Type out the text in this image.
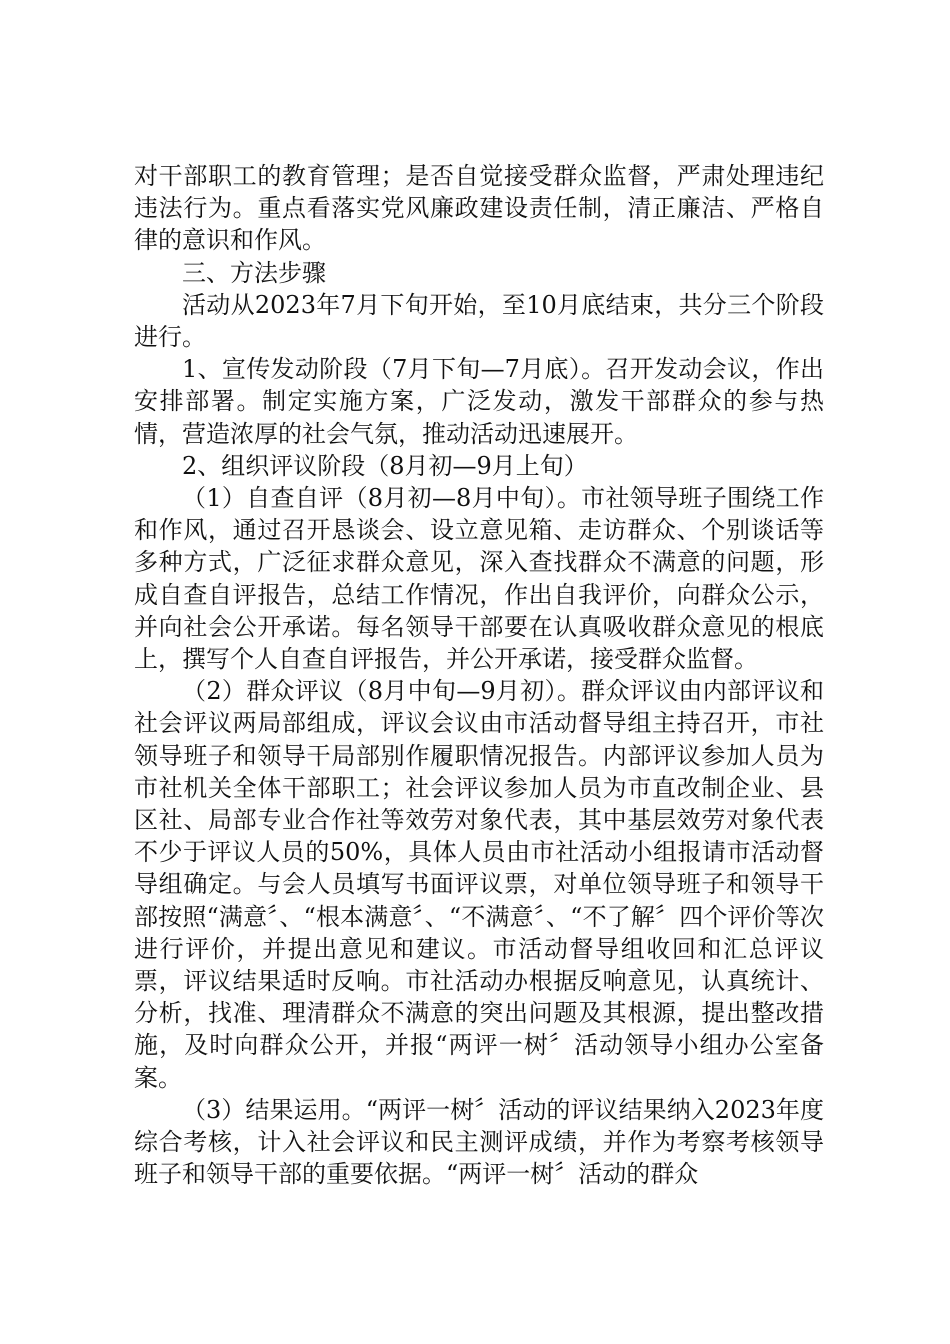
对干部职工的教育管理；是否自觉接受群众监督，严肃处理违纪违法行为。重点看落实党风廉政建设责任制，清正廉洁、严格自律的意识和作风。

三、方法步骤

活动从2023年7月下旬开始，至10月底结束，共分三个阶段进行。

1、宣传发动阶段（7月下旬—7月底）。召开发动会议，作出安排部署。制定实施方案，广泛发动，激发干部群众的参与热情，营造浓厚的社会气氛，推动活动迅速展开。

2、组织评议阶段（8月初—9月上旬）

（1）自查自评（8月初—8月中旬）。市社领导班子围绕工作和作风，通过召开恳谈会、设立意见箱、走访群众、个别谈话等多种方式，广泛征求群众意见，深入查找群众不满意的问题，形成自查自评报告，总结工作情况，作出自我评价，向群众公示，并向社会公开承诺。每名领导干部要在认真吸收群众意见的根底上，撰写个人自查自评报告，并公开承诺，接受群众监督。

（2）群众评议（8月中旬—9月初）。群众评议由内部评议和社会评议两局部组成，评议会议由市活动督导组主持召开，市社领导班子和领导干局部别作履职情况报告。内部评议参加人员为市社机关全体干部职工；社会评议参加人员为市直改制企业、县区社、局部专业合作社等效劳对象代表，其中基层效劳对象代表不少于评议人员的50%，具体人员由市社活动小组报请市活动督导组确定。与会人员填写书面评议票，对单位领导班子和领导干部按照“满意〞、“根本满意〞、“不满意〞、“不了解〞四个评价等次进行评价，并提出意见和建议。市活动督导组收回和汇总评议票，评议结果适时反响。市社活动办根据反响意见，认真统计、分析，找准、理清群众不满意的突出问题及其根源，提出整改措施，及时向群众公开，并报“两评一树〞活动领导小组办公室备案。

（3）结果运用。“两评一树〞活动的评议结果纳入2023年度综合考核，计入社会评议和民主测评成绩，并作为考察考核领导班子和领导干部的重要依据。“两评一树〞活动的群众
